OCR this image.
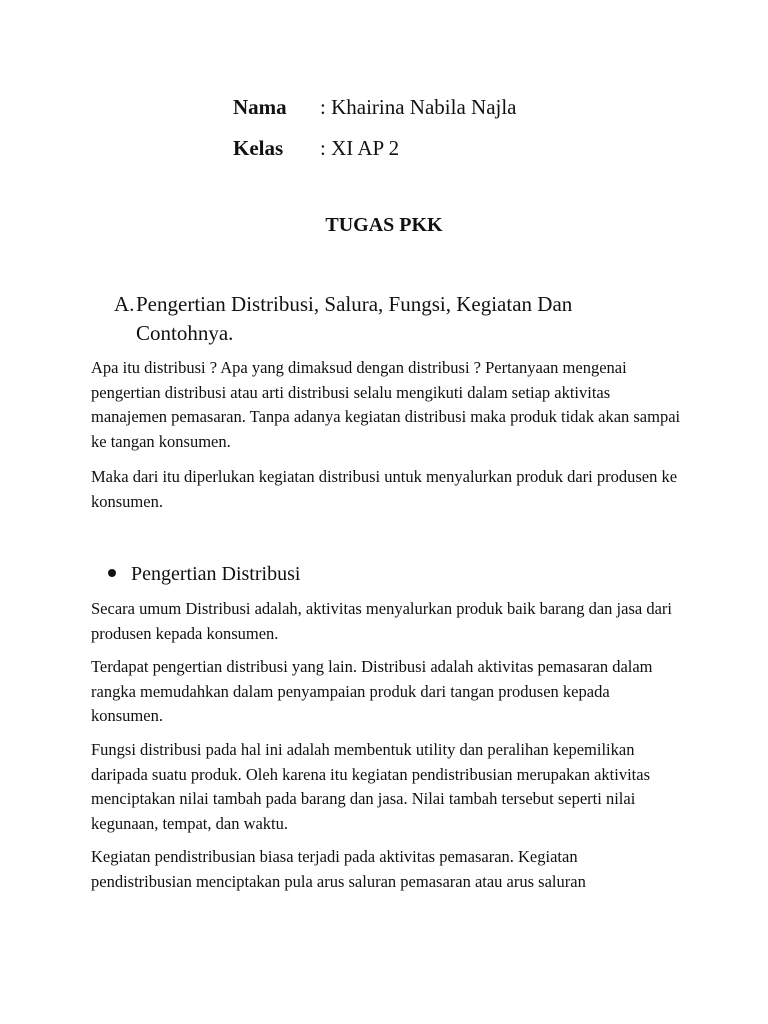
Nama : Khairina Nabila Najla
Kelas : XI AP 2
TUGAS PKK
A. Pengertian Distribusi, Salura, Fungsi, Kegiatan Dan Contohnya.

Apa itu distribusi ? Apa yang dimaksud dengan distribusi ? Pertanyaan mengenai pengertian distribusi atau arti distribusi selalu mengikuti dalam setiap aktivitas manajemen pemasaran. Tanpa adanya kegiatan distribusi maka produk tidak akan sampai ke tangan konsumen.

Maka dari itu diperlukan kegiatan distribusi untuk menyalurkan produk dari produsen ke konsumen.

Pengertian Distribusi

Secara umum Distribusi adalah, aktivitas menyalurkan produk baik barang dan jasa dari produsen kepada konsumen.

Terdapat pengertian distribusi yang lain. Distribusi adalah aktivitas pemasaran dalam rangka memudahkan dalam penyampaian produk dari tangan produsen kepada konsumen.

Fungsi distribusi pada hal ini adalah membentuk utility dan peralihan kepemilikan daripada suatu produk. Oleh karena itu kegiatan pendistribusian merupakan aktivitas menciptakan nilai tambah pada barang dan jasa. Nilai tambah tersebut seperti nilai kegunaan, tempat, dan waktu.

Kegiatan pendistribusian biasa terjadi pada aktivitas pemasaran. Kegiatan pendistribusian menciptakan pula arus saluran pemasaran atau arus saluran
